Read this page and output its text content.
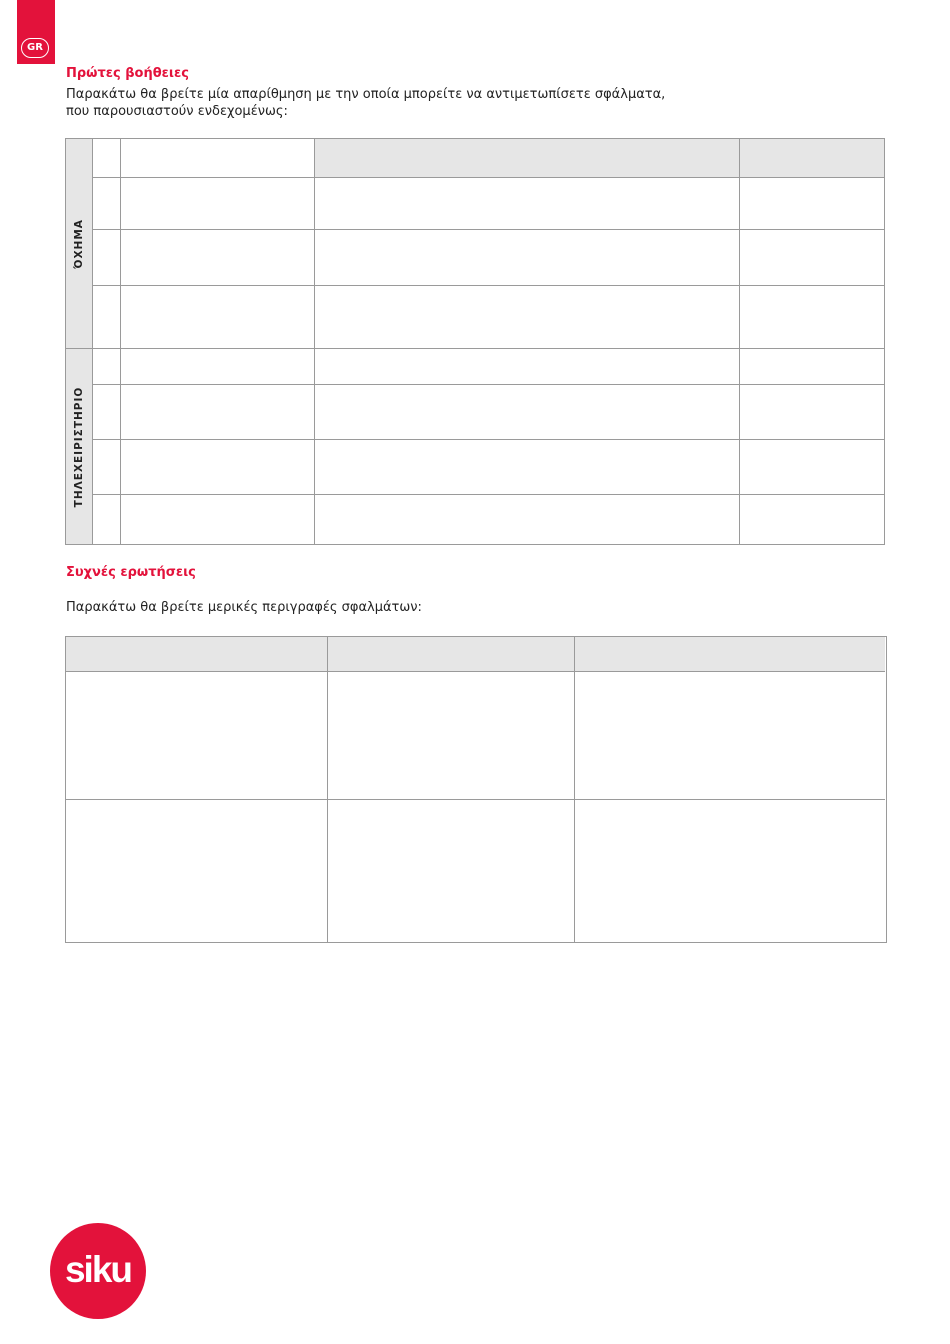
GR
Πρώτες βοήθειες
Παρακάτω θα βρείτε μία απαρίθμηση με την οποία μπορείτε να αντιμετωπίσετε σφάλματα,
που παρουσιαστούν ενδεχομένως:
ΌΧΗΜΑ
ΤΗΛΕΧΕΙΡΙΣΤΗΡΙΟ
Συχνές ερωτήσεις
Παρακάτω θα βρείτε μερικές περιγραφές σφαλμάτων:
siku
